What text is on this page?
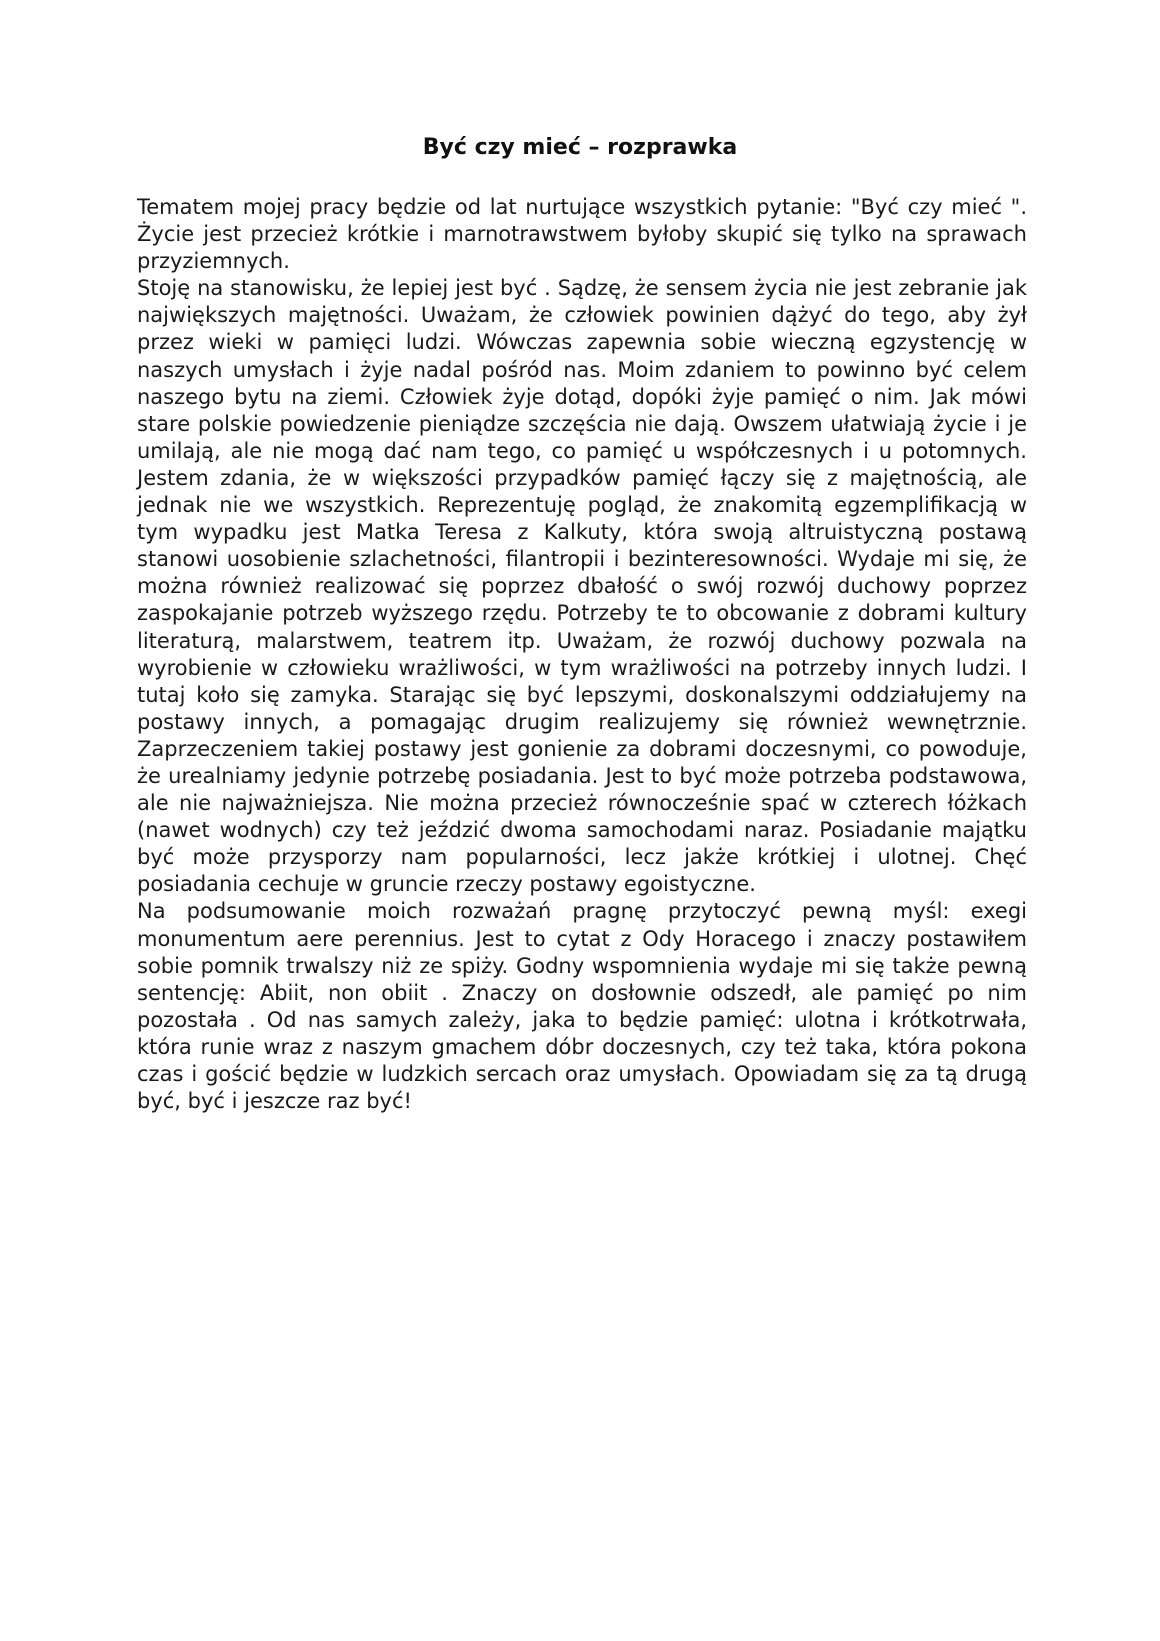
Być czy mieć – rozprawka

Tematem mojej pracy będzie od lat nurtujące wszystkich pytanie: "Być czy mieć ". Życie jest przecież krótkie i marnotrawstwem byłoby skupić się tylko na sprawach przyziemnych.

Stoję na stanowisku, że lepiej jest być . Sądzę, że sensem życia nie jest zebranie jak największych majętności. Uważam, że człowiek powinien dążyć do tego, aby żył przez wieki w pamięci ludzi. Wówczas zapewnia sobie wieczną egzystencję w naszych umysłach i żyje nadal pośród nas. Moim zdaniem to powinno być celem naszego bytu na ziemi. Człowiek żyje dotąd, dopóki żyje pamięć o nim. Jak mówi stare polskie powiedzenie pieniądze szczęścia nie dają. Owszem ułatwiają życie i je umilają, ale nie mogą dać nam tego, co pamięć u współczesnych i u potomnych. Jestem zdania, że w większości przypadków pamięć łączy się z majętnością, ale jednak nie we wszystkich. Reprezentuję pogląd, że znakomitą egzemplifikacją w tym wypadku jest Matka Teresa z Kalkuty, która swoją altruistyczną postawą stanowi uosobienie szlachetności, filantropii i bezinteresowności. Wydaje mi się, że można również realizować się poprzez dbałość o swój rozwój duchowy poprzez zaspokajanie potrzeb wyższego rzędu. Potrzeby te to obcowanie z dobrami kultury literaturą, malarstwem, teatrem itp. Uważam, że rozwój duchowy pozwala na wyrobienie w człowieku wrażliwości, w tym wrażliwości na potrzeby innych ludzi. I tutaj koło się zamyka. Starając się być lepszymi, doskonalszymi oddziałujemy na postawy innych, a pomagając drugim realizujemy się również wewnętrznie. Zaprzeczeniem takiej postawy jest gonienie za dobrami doczesnymi, co powoduje, że urealniamy jedynie potrzebę posiadania. Jest to być może potrzeba podstawowa, ale nie najważniejsza. Nie można przecież równocześnie spać w czterech łóżkach (nawet wodnych) czy też jeździć dwoma samochodami naraz. Posiadanie majątku być może przysporzy nam popularności, lecz jakże krótkiej i ulotnej. Chęć posiadania cechuje w gruncie rzeczy postawy egoistyczne.

Na podsumowanie moich rozważań pragnę przytoczyć pewną myśl: exegi monumentum aere perennius. Jest to cytat z Ody Horacego i znaczy postawiłem sobie pomnik trwalszy niż ze spiży. Godny wspomnienia wydaje mi się także pewną sentencję: Abiit, non obiit . Znaczy on dosłownie odszedł, ale pamięć po nim pozostała . Od nas samych zależy, jaka to będzie pamięć: ulotna i krótkotrwała, która runie wraz z naszym gmachem dóbr doczesnych, czy też taka, która pokona czas i gościć będzie w ludzkich sercach oraz umysłach. Opowiadam się za tą drugą być, być i jeszcze raz być!
